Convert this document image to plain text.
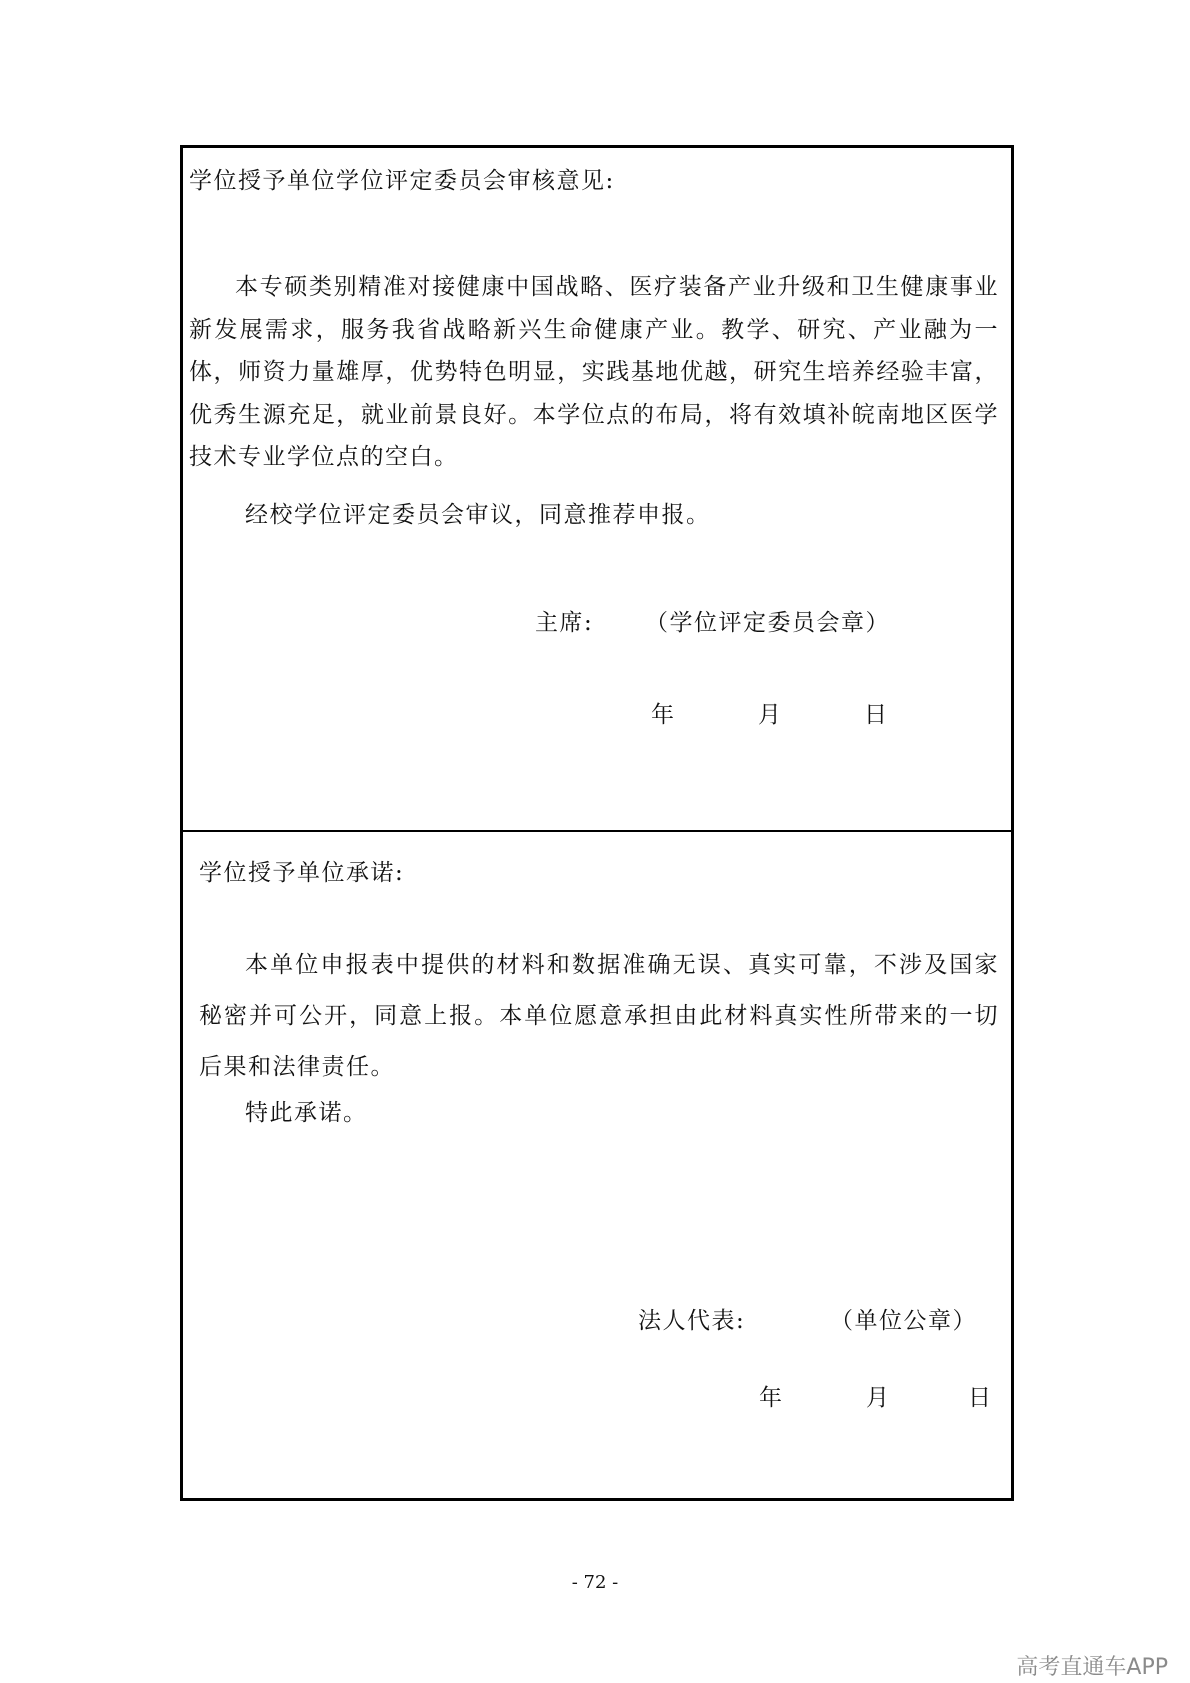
学位授予单位学位评定委员会审核意见:

本专硕类别精准对接健康中国战略、医疗装备产业升级和卫生健康事业新发展需求，服务我省战略新兴生命健康产业。教学、研究、产业融为一体，师资力量雄厚，优势特色明显，实践基地优越，研究生培养经验丰富，优秀生源充足，就业前景良好。本学位点的布局，将有效填补皖南地区医学技术专业学位点的空白。

经校学位评定委员会审议，同意推荐申报。

主席: （学位评定委员会章）
年	月	日
学位授予单位承诺:

本单位申报表中提供的材料和数据准确无误、真实可靠，不涉及国家秘密并可公开，同意上报。本单位愿意承担由此材料真实性所带来的一切后果和法律责任。

特此承诺。

法人代表:	（单位公章）
年	月	日
- 72 -
高考直通车APP
